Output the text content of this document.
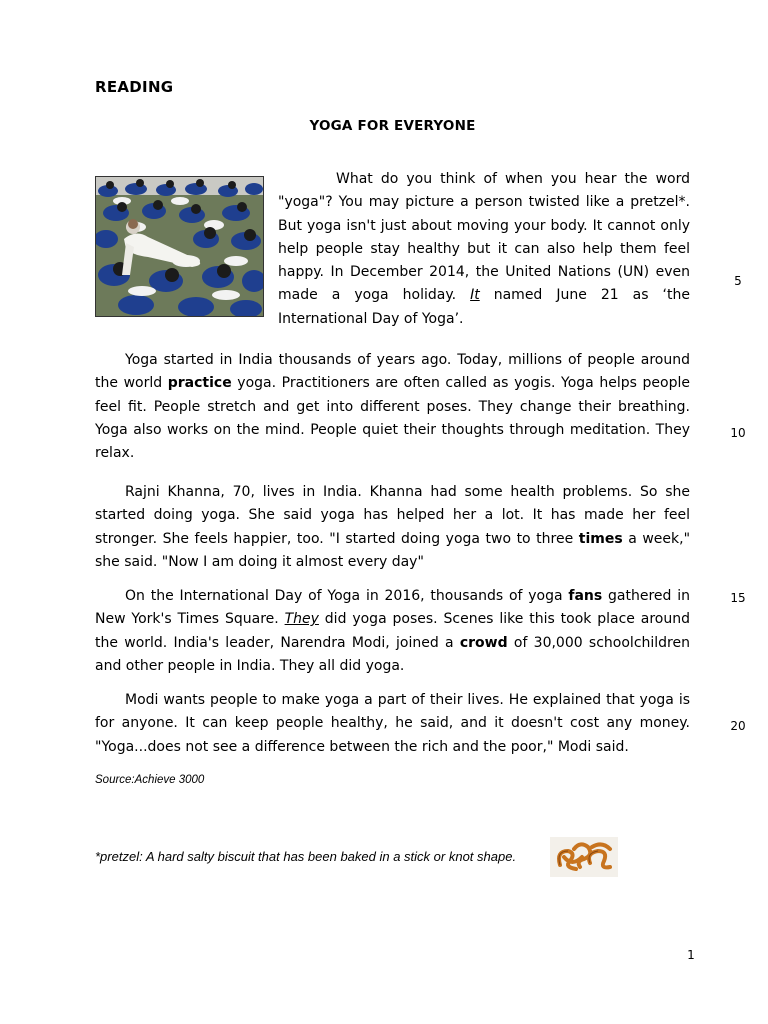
READING
YOGA FOR EVERYONE

What do you think of when you hear the word "yoga"? You may picture a person twisted like a pretzel*. But yoga isn't just about moving your body. It cannot only help people stay healthy but it can also help them feel happy. In December 2014, the United Nations (UN) even made a yoga holiday. It named June 21 as ‘the International Day of Yoga’.

Yoga started in India thousands of years ago. Today, millions of people around the world practice yoga. Practitioners are often called as yogis. Yoga helps people feel fit. People stretch and get into different poses. They change their breathing. Yoga also works on the mind. People quiet their thoughts through meditation. They relax.

Rajni Khanna, 70, lives in India. Khanna had some health problems. So she started doing yoga. She said yoga has helped her a lot. It has made her feel stronger. She feels happier, too. "I started doing yoga two to three times a week," she said. "Now I am doing it almost every day"

On the International Day of Yoga in 2016, thousands of yoga fans gathered in New York's Times Square. They did yoga poses. Scenes like this took place around the world. India's leader, Narendra Modi, joined a crowd of 30,000 schoolchildren and other people in India. They all did yoga.

Modi wants people to make yoga a part of their lives. He explained that yoga is for anyone. It can keep people healthy, he said, and it doesn't cost any money. "Yoga...does not see a difference between the rich and the poor," Modi said.

5
10
15
20
Source:Achieve 3000
*pretzel: A hard salty biscuit that has been baked in a stick or knot shape.
1
